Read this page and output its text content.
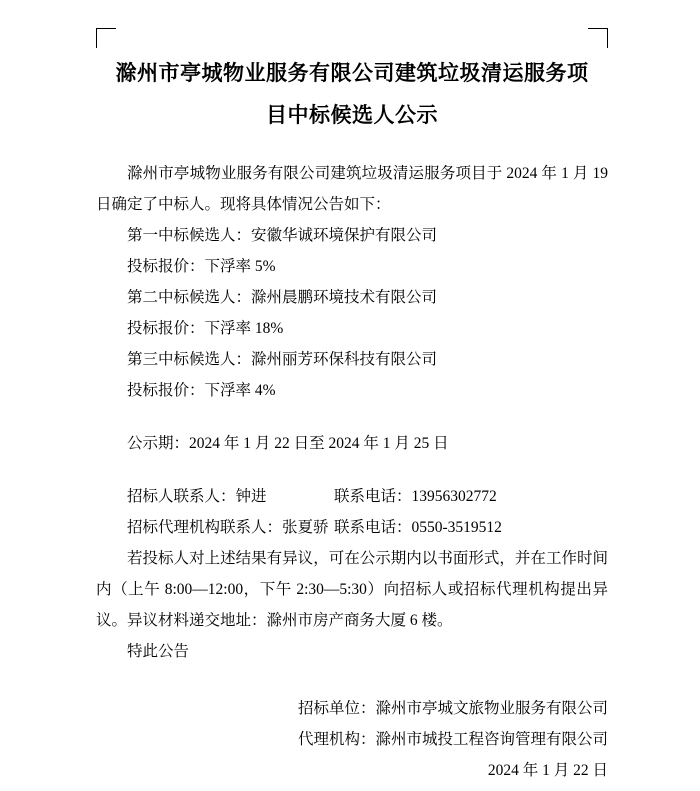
滁州市亭城物业服务有限公司建筑垃圾清运服务项
目中标候选人公示

滁州市亭城物业服务有限公司建筑垃圾清运服务项目于 2024 年 1 月 19 日确定了中标人。现将具体情况公告如下：

第一中标候选人：安徽华诚环境保护有限公司

投标报价：下浮率 5%

第二中标候选人：滁州晨鹏环境技术有限公司

投标报价：下浮率 18%

第三中标候选人：滁州丽芳环保科技有限公司

投标报价：下浮率 4%

公示期：2024 年 1 月 22 日至 2024 年 1 月 25 日

招标人联系人：钟进	联系电话：13956302772
招标代理机构联系人：张夏骄 联系电话：0550-3519512

若投标人对上述结果有异议，可在公示期内以书面形式，并在工作时间内（上午 8:00—12:00，下午 2:30—5:30）向招标人或招标代理机构提出异议。异议材料递交地址：滁州市房产商务大厦 6 楼。

特此公告

招标单位：滁州市亭城文旅物业服务有限公司
代理机构：滁州市城投工程咨询管理有限公司
2024 年 1 月 22 日
